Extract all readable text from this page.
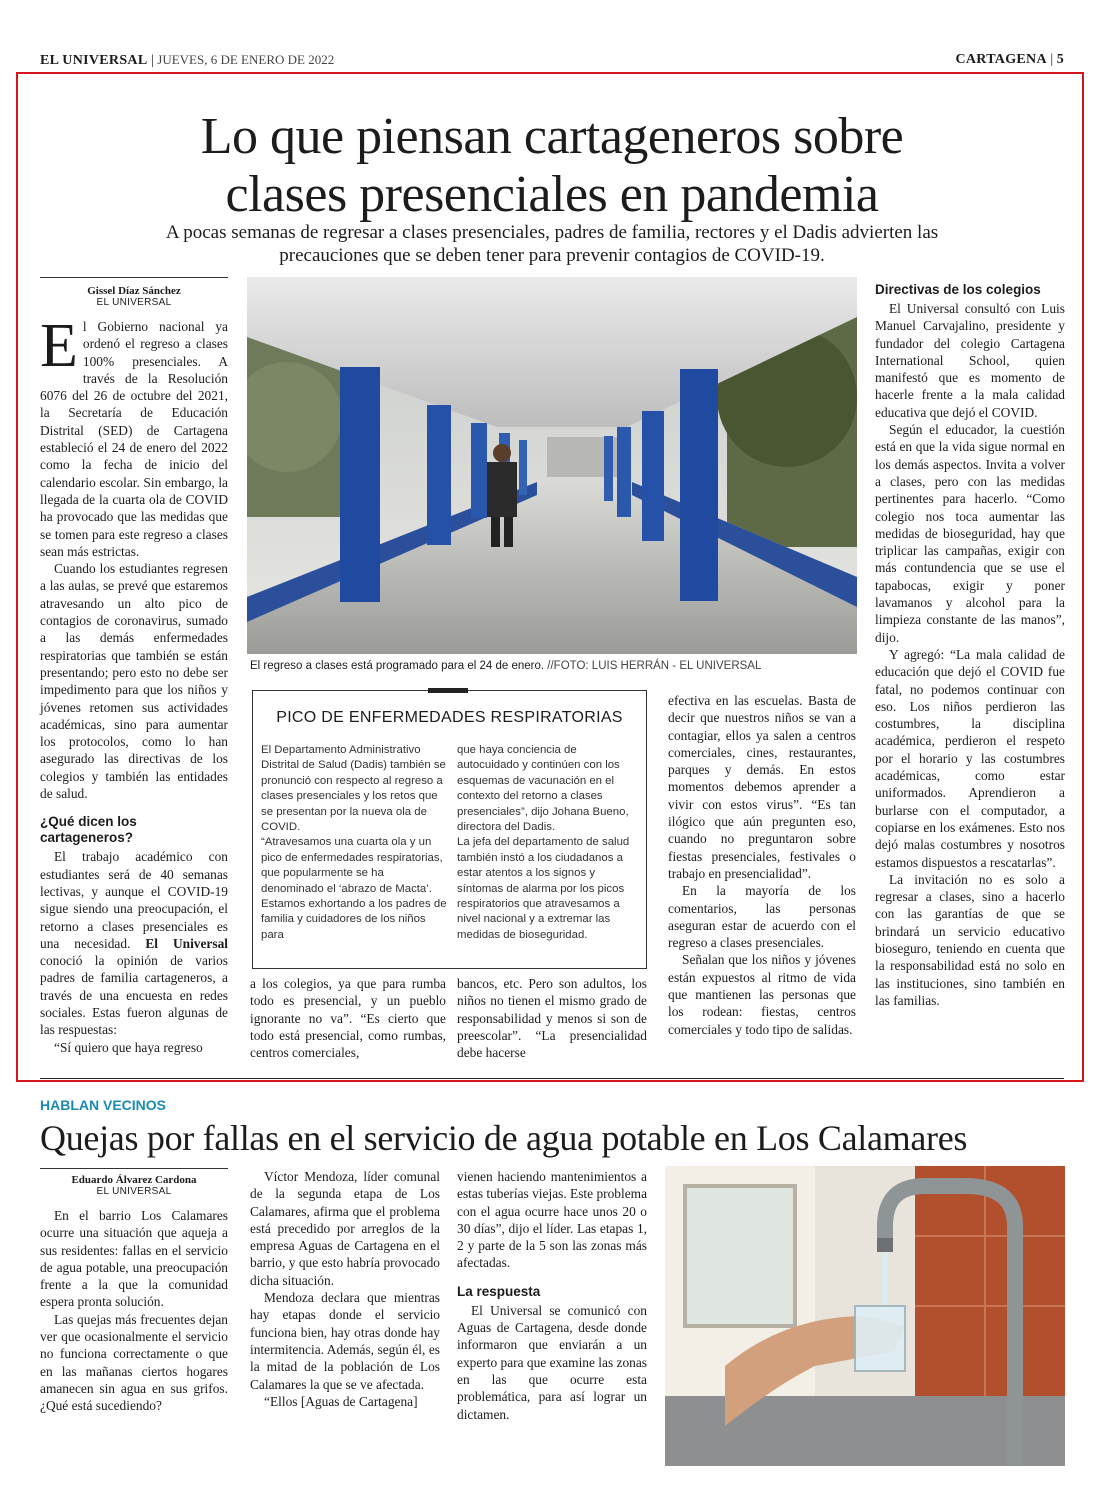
EL UNIVERSAL | JUEVES, 6 DE ENERO DE 2022	CARTAGENA | 5
Lo que piensan cartageneros sobre
clases presenciales en pandemia
A pocas semanas de regresar a clases presenciales, padres de familia, rectores y el Dadis advierten las
precauciones que se deben tener para prevenir contagios de COVID-19.
Gissel Díaz Sánchez
EL UNIVERSAL

El Gobierno nacional ya ordenó el regreso a clases 100% presenciales. A través de la Resolución 6076 del 26 de octubre del 2021, la Secretaría de Educación Distrital (SED) de Cartagena estableció el 24 de enero del 2022 como la fecha de inicio del calendario escolar. Sin embargo, la llegada de la cuarta ola de COVID ha provocado que las medidas que se tomen para este regreso a clases sean más estrictas.

Cuando los estudiantes regresen a las aulas, se prevé que estaremos atravesando un alto pico de contagios de coronavirus, sumado a las demás enfermedades respiratorias que también se están presentando; pero esto no debe ser impedimento para que los niños y jóvenes retomen sus actividades académicas, sino para aumentar los protocolos, como lo han asegurado las directivas de los colegios y también las entidades de salud.

¿Qué dicen los
cartageneros?

El trabajo académico con estudiantes será de 40 semanas lectivas, y aunque el COVID-19 sigue siendo una preocupación, el retorno a clases presenciales es una necesidad. El Universal conoció la opinión de varios padres de familia cartageneros, a través de una encuesta en redes sociales. Estas fueron algunas de las respuestas:

“Sí quiero que haya regreso

El regreso a clases está programado para el 24 de enero. //FOTO: LUIS HERRÁN - EL UNIVERSAL
PICO DE ENFERMEDADES RESPIRATORIAS

El Departamento Administrativo Distrital de Salud (Dadis) también se pronunció con respecto al regreso a clases presenciales y los retos que se presentan por la nueva ola de COVID.

“Atravesamos una cuarta ola y un pico de enfermedades respiratorias, que popularmente se ha denominado el ‘abrazo de Macta’. Estamos exhortando a los padres de familia y cuidadores de los niños para

que haya conciencia de autocuidado y continúen con los esquemas de vacunación en el contexto del retorno a clases presenciales”, dijo Johana Bueno, directora del Dadis.

La jefa del departamento de salud también instó a los ciudadanos a estar atentos a los signos y síntomas de alarma por los picos respiratorios que atravesamos a nivel nacional y a extremar las medidas de bioseguridad.

a los colegios, ya que para rumba todo es presencial, y un pueblo ignorante no va”. “Es cierto que todo está presencial, como rumbas, centros comerciales,

bancos, etc. Pero son adultos, los niños no tienen el mismo grado de responsabilidad y menos si son de preescolar”. “La presencialidad debe hacerse

efectiva en las escuelas. Basta de decir que nuestros niños se van a contagiar, ellos ya salen a centros comerciales, cines, restaurantes, parques y demás. En estos momentos debemos aprender a vivir con estos virus”. “Es tan ilógico que aún pregunten eso, cuando no preguntaron sobre fiestas presenciales, festivales o trabajo en presencialidad”.

En la mayoría de los comentarios, las personas aseguran estar de acuerdo con el regreso a clases presenciales.

Señalan que los niños y jóvenes están expuestos al ritmo de vida que mantienen las personas que los rodean: fiestas, centros comerciales y todo tipo de salidas.

Directivas de los colegios

El Universal consultó con Luis Manuel Carvajalino, presidente y fundador del colegio Cartagena International School, quien manifestó que es momento de hacerle frente a la mala calidad educativa que dejó el COVID.

Según el educador, la cuestión está en que la vida sigue normal en los demás aspectos. Invita a volver a clases, pero con las medidas pertinentes para hacerlo. “Como colegio nos toca aumentar las medidas de bioseguridad, hay que triplicar las campañas, exigir con más contundencia que se use el tapabocas, exigir y poner lavamanos y alcohol para la limpieza constante de las manos”, dijo.

Y agregó: “La mala calidad de educación que dejó el COVID fue fatal, no podemos continuar con eso. Los niños perdieron las costumbres, la disciplina académica, perdieron el respeto por el horario y las costumbres académicas, como estar uniformados. Aprendieron a burlarse con el computador, a copiarse en los exámenes. Esto nos dejó malas costumbres y nosotros estamos dispuestos a rescatarlas”.

La invitación no es solo a regresar a clases, sino a hacerlo con las garantías de que se brindará un servicio educativo bioseguro, teniendo en cuenta que la responsabilidad está no solo en las instituciones, sino también en las familias.

HABLAN VECINOS
Quejas por fallas en el servicio de agua potable en Los Calamares
Eduardo Álvarez Cardona
EL UNIVERSAL

En el barrio Los Calamares ocurre una situación que aqueja a sus residentes: fallas en el servicio de agua potable, una preocupación frente a la que la comunidad espera pronta solución.

Las quejas más frecuentes dejan ver que ocasionalmente el servicio no funciona correctamente o que en las mañanas ciertos hogares amanecen sin agua en sus grifos. ¿Qué está sucediendo?

Víctor Mendoza, líder comunal de la segunda etapa de Los Calamares, afirma que el problema está precedido por arreglos de la empresa Aguas de Cartagena en el barrio, y que esto habría provocado dicha situación.

Mendoza declara que mientras hay etapas donde el servicio funciona bien, hay otras donde hay intermitencia. Además, según él, es la mitad de la población de Los Calamares la que se ve afectada.

“Ellos [Aguas de Cartagena]

vienen haciendo mantenimientos a estas tuberías viejas. Este problema con el agua ocurre hace unos 20 o 30 días”, dijo el líder. Las etapas 1, 2 y parte de la 5 son las zonas más afectadas.

La respuesta

El Universal se comunicó con Aguas de Cartagena, desde donde informaron que enviarán a un experto para que examine las zonas en las que ocurre esta problemática, para así lograr un dictamen.
